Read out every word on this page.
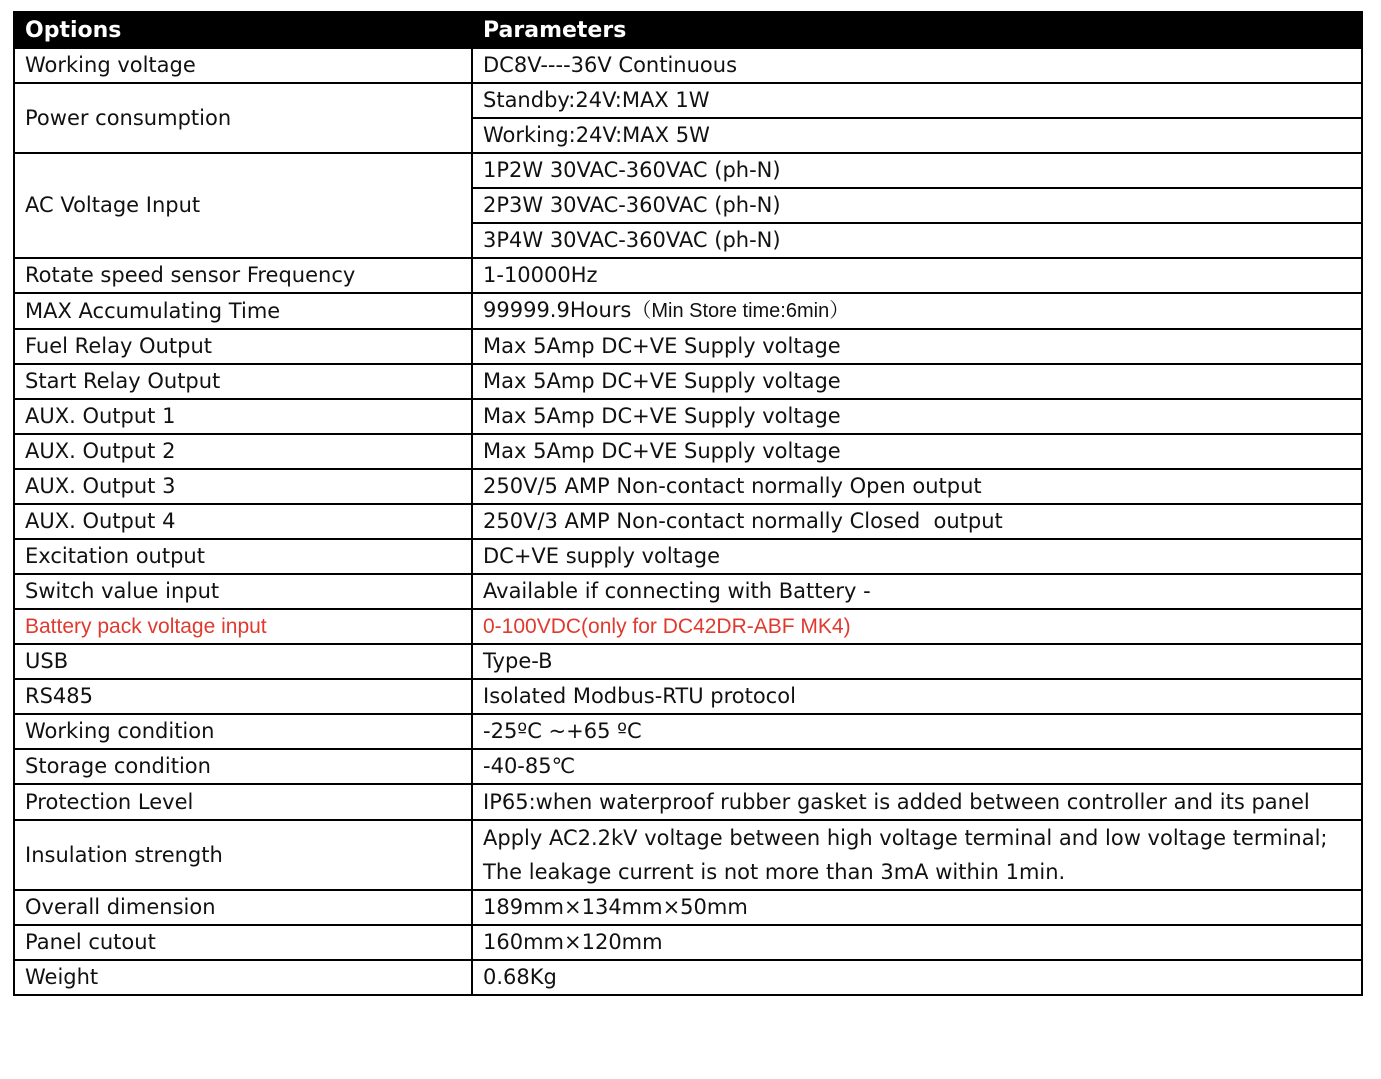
Options	Parameters
Working voltage	DC8V----36V Continuous
Power consumption	Standby:24V:MAX 1W
	Working:24V:MAX 5W
AC Voltage Input	1P2W 30VAC-360VAC (ph-N)
	2P3W 30VAC-360VAC (ph-N)
	3P4W 30VAC-360VAC (ph-N)
Rotate speed sensor Frequency	1-10000Hz
MAX Accumulating Time	99999.9Hours（Min Store time:6min）
Fuel Relay Output	Max 5Amp DC+VE Supply voltage
Start Relay Output	Max 5Amp DC+VE Supply voltage
AUX. Output 1	Max 5Amp DC+VE Supply voltage
AUX. Output 2	Max 5Amp DC+VE Supply voltage
AUX. Output 3	250V/5 AMP Non-contact normally Open output
AUX. Output 4	250V/3 AMP Non-contact normally Closed  output
Excitation output	DC+VE supply voltage
Switch value input	Available if connecting with Battery -
Battery pack voltage input	0-100VDC(only for DC42DR-ABF MK4)
USB	Type-B
RS485	Isolated Modbus-RTU protocol
Working condition	-25ºC ~+65 ºC
Storage condition	-40-85℃
Protection Level	IP65:when waterproof rubber gasket is added between controller and its panel
Insulation strength	Apply AC2.2kV voltage between high voltage terminal and low voltage terminal; The leakage current is not more than 3mA within 1min.
Overall dimension	189mm×134mm×50mm
Panel cutout	160mm×120mm
Weight	0.68Kg
